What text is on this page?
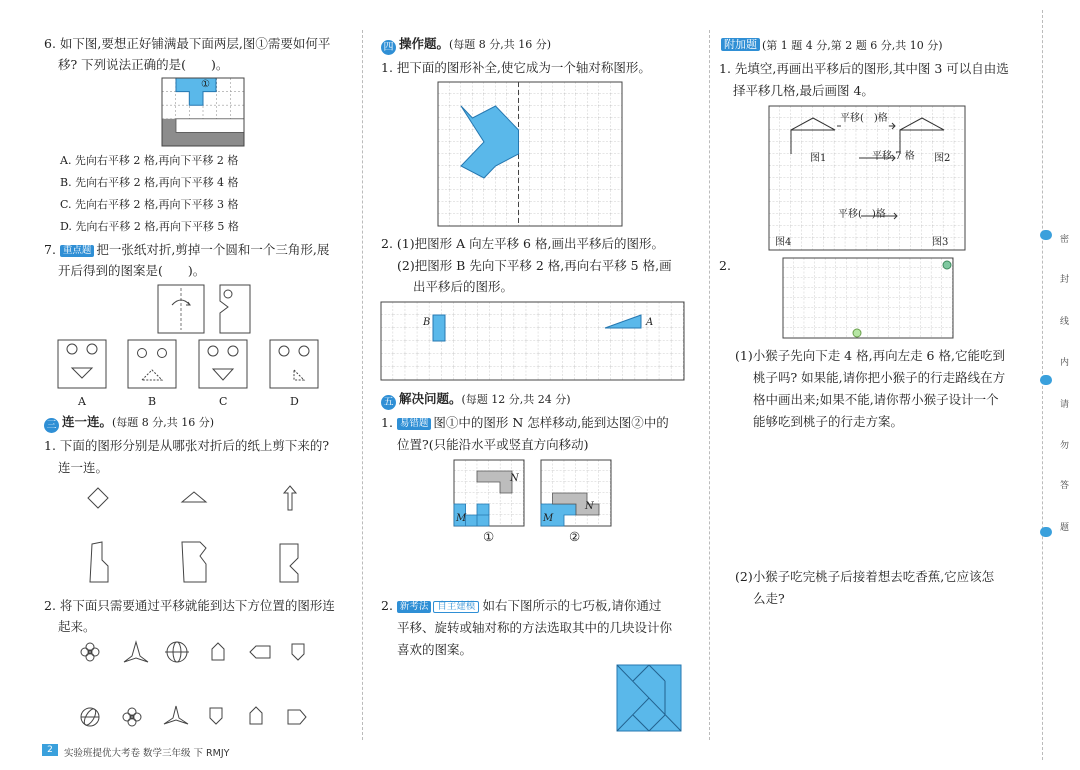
6. 如下图,要想正好铺满最下面两层,图①需要如何平
移? 下列说法正确的是(　　)。
①
A. 先向右平移 2 格,再向下平移 2 格
B. 先向右平移 2 格,再向下平移 4 格
C. 先向右平移 2 格,再向下平移 3 格
D. 先向右平移 2 格,再向下平移 5 格
7. 重点题 把一张纸对折,剪掉一个圆和一个三角形,展
开后得到的图案是(　　)。
A	B	C	D
三 连一连。(每题 8 分,共 16 分)
1. 下面的图形分别是从哪张对折后的纸上剪下来的?
连一连。
2. 将下面只需要通过平移就能到达下方位置的图形连
起来。
四 操作题。(每题 8 分,共 16 分)
1. 把下面的图形补全,使它成为一个轴对称图形。
2. (1)把图形 A 向左平移 6 格,画出平移后的图形。
(2)把图形 B 先向下平移 2 格,再向右平移 5 格,画
出平移后的图形。
B	A
五 解决问题。(每题 12 分,共 24 分)
1. 易错题 图①中的图形 N 怎样移动,能到达图②中的
位置?(只能沿水平或竖直方向移动)
N
M
N
M
①	②
2. 新考法 自主建模 如右下图所示的七巧板,请你通过
平移、旋转或轴对称的方法选取其中的几块设计你
喜欢的图案。
附加题 (第 1 题 4 分,第 2 题 6 分,共 10 分)
1. 先填空,再画出平移后的图形,其中图 3 可以自由选
择平移几格,最后画图 4。
平移(　)格
图1	平移 7 格 图2
平移(　)格
图4	图3
2.
(1)小猴子先向下走 4 格,再向左走 6 格,它能吃到
桃子吗? 如果能,请你把小猴子的行走路线在方
格中画出来;如果不能,请你帮小猴子设计一个
能够吃到桃子的行走方案。
(2)小猴子吃完桃子后接着想去吃香蕉,它应该怎
么走?
密
封
线
内
请
勿
答
题
2	实验班提优大考卷 数学三年级 下 RMJY
